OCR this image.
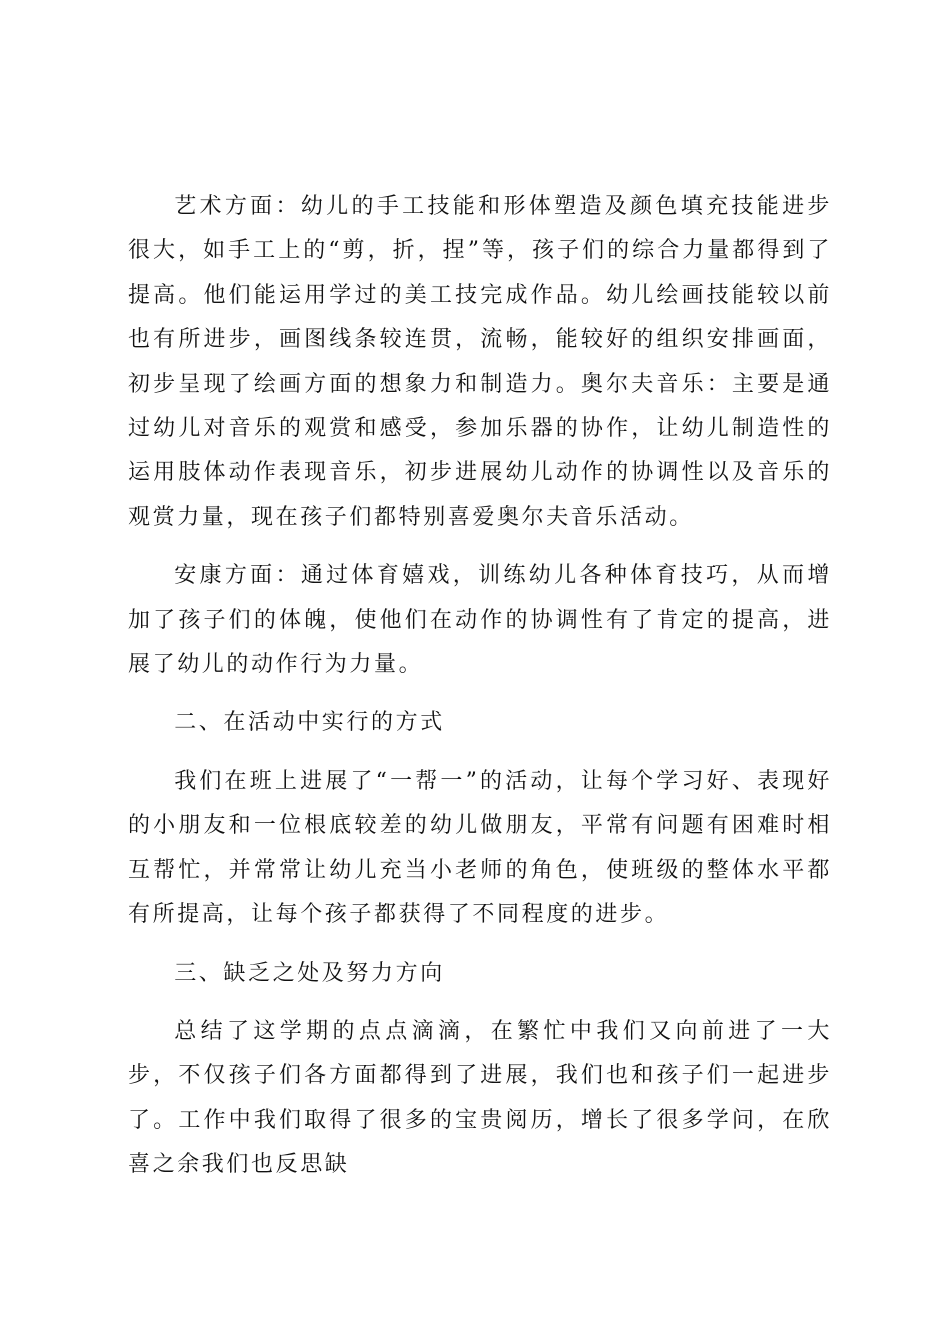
艺术方面：幼儿的手工技能和形体塑造及颜色填充技能进步很大，如手工上的“剪，折，捏”等，孩子们的综合力量都得到了提高。他们能运用学过的美工技完成作品。幼儿绘画技能较以前也有所进步，画图线条较连贯，流畅，能较好的组织安排画面，初步呈现了绘画方面的想象力和制造力。奥尔夫音乐：主要是通过幼儿对音乐的观赏和感受，参加乐器的协作，让幼儿制造性的运用肢体动作表现音乐，初步进展幼儿动作的协调性以及音乐的观赏力量，现在孩子们都特别喜爱奥尔夫音乐活动。

安康方面：通过体育嬉戏，训练幼儿各种体育技巧，从而增加了孩子们的体魄，使他们在动作的协调性有了肯定的提高，进展了幼儿的动作行为力量。

二、在活动中实行的方式

我们在班上进展了“一帮一”的活动，让每个学习好、表现好的小朋友和一位根底较差的幼儿做朋友，平常有问题有困难时相互帮忙，并常常让幼儿充当小老师的角色，使班级的整体水平都有所提高，让每个孩子都获得了不同程度的进步。

三、缺乏之处及努力方向

总结了这学期的点点滴滴，在繁忙中我们又向前进了一大步，不仅孩子们各方面都得到了进展，我们也和孩子们一起进步了。工作中我们取得了很多的宝贵阅历，增长了很多学问，在欣喜之余我们也反思缺
